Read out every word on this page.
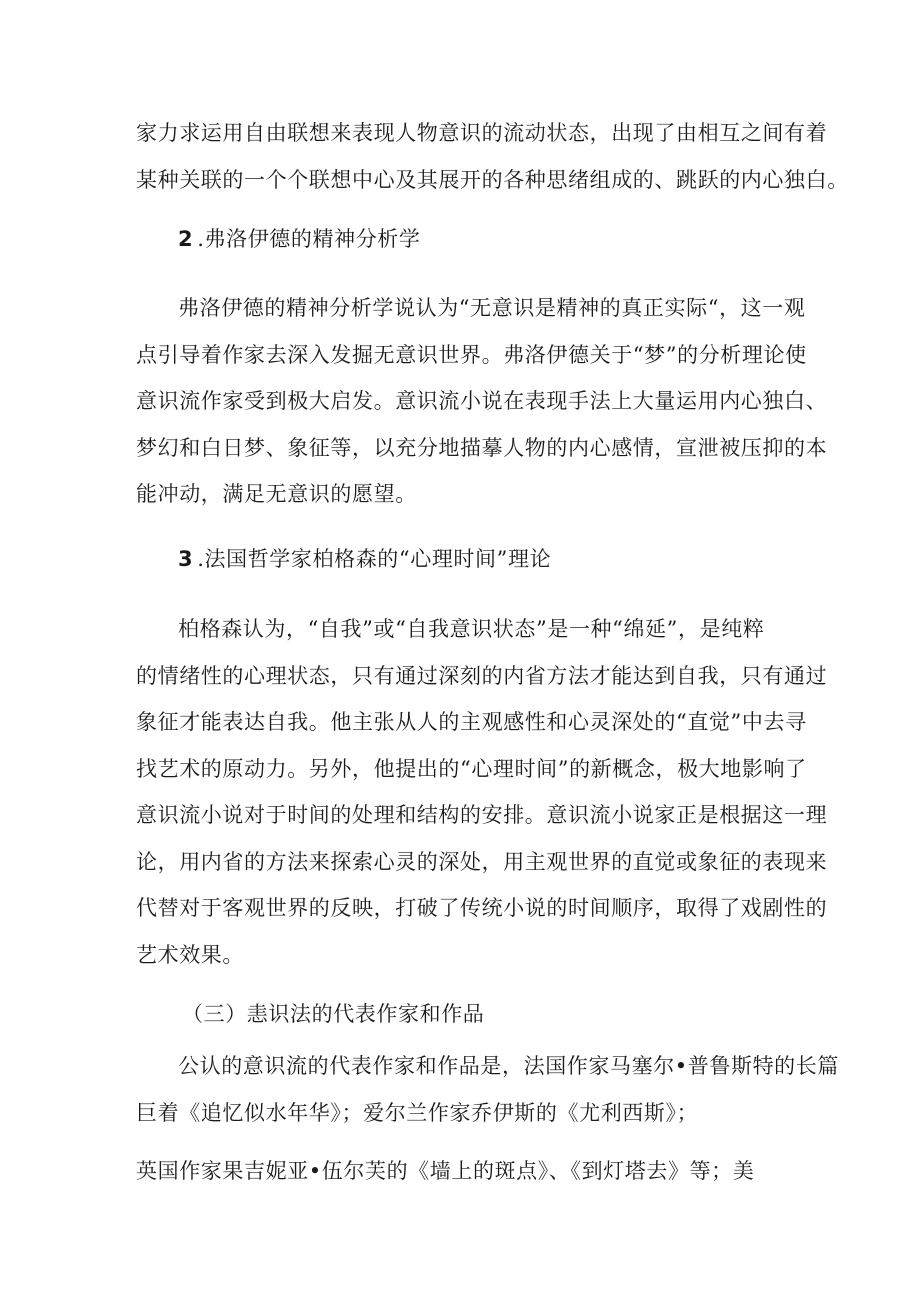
家力求运用自由联想来表现人物意识的流动状态，出现了由相互之间有着
某种关联的一个个联想中心及其展开的各种思绪组成的、跳跃的内心独白。
2 .弗洛伊德的精神分析学
弗洛伊德的精神分析学说认为“无意识是精神的真正实际“，这一观
点引导着作家去深入发掘无意识世界。弗洛伊德关于“梦”的分析理论使
意识流作家受到极大启发。意识流小说在表现手法上大量运用内心独白、
梦幻和白日梦、象征等，以充分地描摹人物的内心感情，宣泄被压抑的本
能冲动，满足无意识的愿望。
3 .法国哲学家柏格森的“心理时间”理论
柏格森认为，“自我”或“自我意识状态”是一种“绵延”，是纯粹
的情绪性的心理状态，只有通过深刻的内省方法才能达到自我，只有通过
象征才能表达自我。他主张从人的主观感性和心灵深处的“直觉”中去寻
找艺术的原动力。另外，他提出的“心理时间”的新概念，极大地影响了
意识流小说对于时间的处理和结构的安排。意识流小说家正是根据这一理
论，用内省的方法来探索心灵的深处，用主观世界的直觉或象征的表现来
代替对于客观世界的反映，打破了传统小说的时间顺序，取得了戏剧性的
艺术效果。
（三）恚识法的代表作家和作品
公认的意识流的代表作家和作品是，法国作家马塞尔•普鲁斯特的长篇
巨着《追忆似水年华》；爱尔兰作家乔伊斯的《尤利西斯》；
英国作家果吉妮亚•伍尔芙的《墙上的斑点》、《到灯塔去》等；美
